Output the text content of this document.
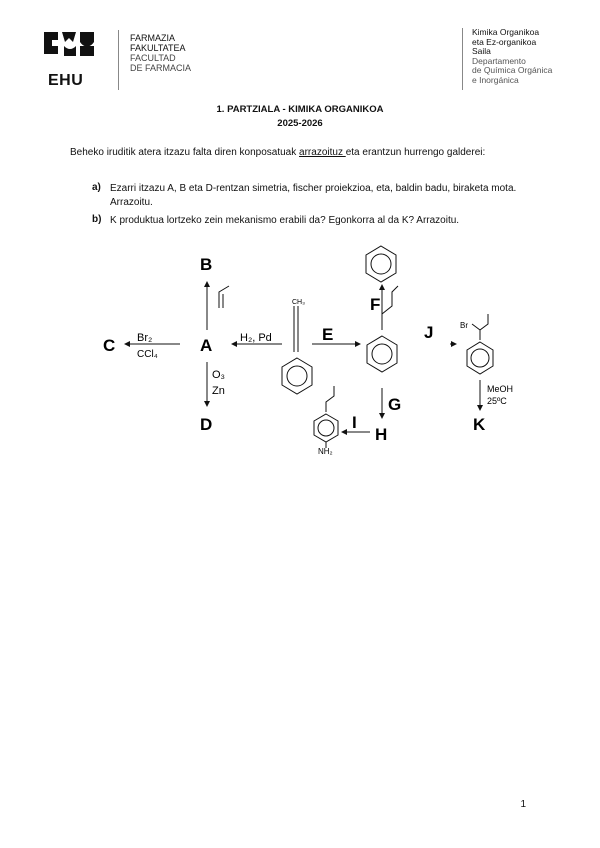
EHU
FARMAZIA
FAKULTATEA
FACULTAD
DE FARMACIA
Kimika Organikoa
eta Ez-organikoa
Saila
Departamento
de Química Orgánica
e Inorgánica
1. PARTZIALA - KIMIKA ORGANIKOA
2025-2026
Beheko iruditik atera itzazu falta diren konposatuak arrazoituz eta erantzun hurrengo galderei:
a) Ezarri itzazu A, B eta D-rentzan simetria, fischer proiekzioa, eta, baldin badu, biraketa mota. Arrazoitu.
b) K produktua lortzeko zein mekanismo erabili da? Egonkorra al da K? Arrazoitu.
B
C	A
D
E
F
G
H
I
J
K
Br₂
CCl₄
H₂, Pd
O₃
Zn	MeOH
25ºC
CH₃
Br
NH₂
1
